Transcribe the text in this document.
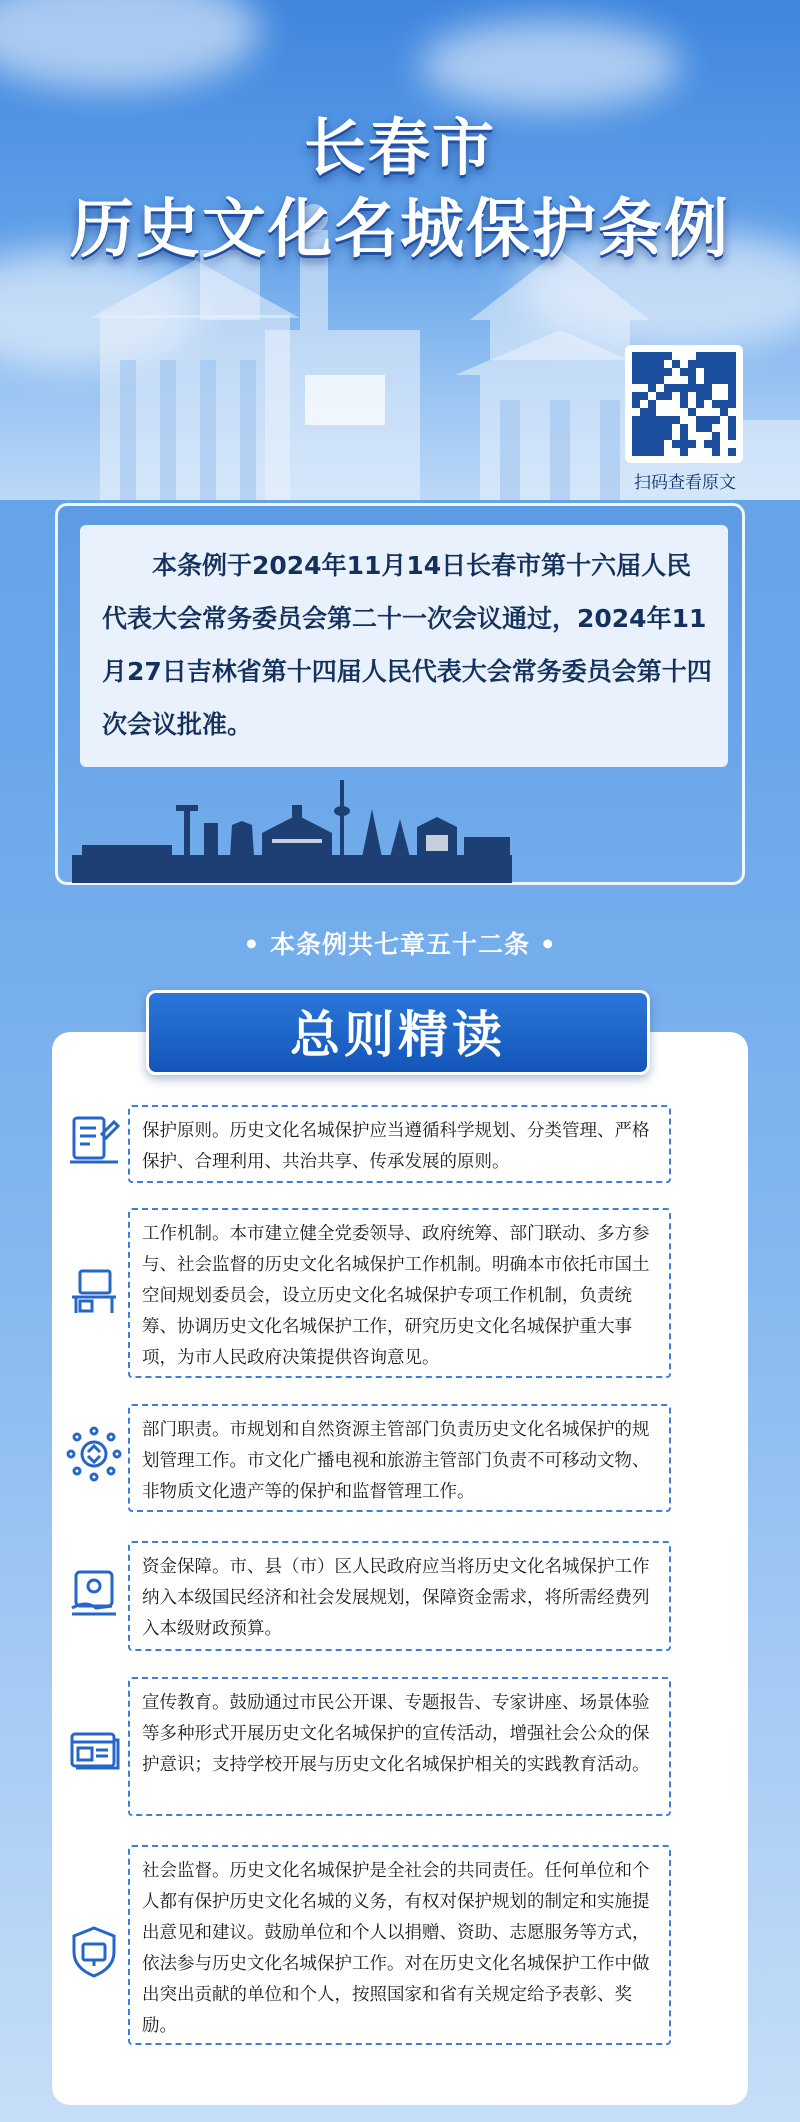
长春市
历史文化名城保护条例
扫码查看原文
本条例于2024年11月14日长春市第十六届人民代表大会常务委员会第二十一次会议通过，2024年11月27日吉林省第十四届人民代表大会常务委员会第十四次会议批准。
• 本条例共七章五十二条 •
总则精读
保护原则。历史文化名城保护应当遵循科学规划、分类管理、严格保护、合理利用、共治共享、传承发展的原则。
工作机制。本市建立健全党委领导、政府统筹、部门联动、多方参与、社会监督的历史文化名城保护工作机制。明确本市依托市国土空间规划委员会，设立历史文化名城保护专项工作机制，负责统筹、协调历史文化名城保护工作，研究历史文化名城保护重大事项，为市人民政府决策提供咨询意见。
部门职责。市规划和自然资源主管部门负责历史文化名城保护的规划管理工作。市文化广播电视和旅游主管部门负责不可移动文物、非物质文化遗产等的保护和监督管理工作。
资金保障。市、县（市）区人民政府应当将历史文化名城保护工作纳入本级国民经济和社会发展规划，保障资金需求，将所需经费列入本级财政预算。
宣传教育。鼓励通过市民公开课、专题报告、专家讲座、场景体验等多种形式开展历史文化名城保护的宣传活动，增强社会公众的保护意识；支持学校开展与历史文化名城保护相关的实践教育活动。
社会监督。历史文化名城保护是全社会的共同责任。任何单位和个人都有保护历史文化名城的义务，有权对保护规划的制定和实施提出意见和建议。鼓励单位和个人以捐赠、资助、志愿服务等方式，依法参与历史文化名城保护工作。对在历史文化名城保护工作中做出突出贡献的单位和个人，按照国家和省有关规定给予表彰、奖励。
